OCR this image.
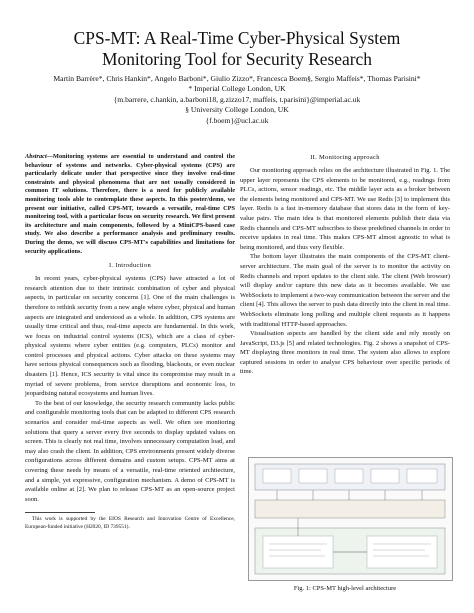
CPS-MT: A Real-Time Cyber-Physical System
Monitoring Tool for Security Research
Martín Barrère*, Chris Hankin*, Angelo Barboni*, Giulio Zizzo*, Francesca Boem§, Sergio Maffeis*, Thomas Parisini*
* Imperial College London, UK
{m.barrere, c.hankin, a.barboni18, g.zizzo17, maffeis, t.parisini}@imperial.ac.uk
§ University College London, UK
{f.boem}@ucl.ac.uk
Abstract—Monitoring systems are essential to understand and control the behaviour of systems and networks. Cyber-physical systems (CPS) are particularly delicate under that perspective since they involve real-time constraints and physical phenomena that are not usually considered in common IT solutions. Therefore, there is a need for publicly available monitoring tools able to contemplate these aspects. In this poster/demo, we present our initiative, called CPS-MT, towards a versatile, real-time CPS monitoring tool, with a particular focus on security research. We first present its architecture and main components, followed by a MiniCPS-based case study. We also describe a performance analysis and preliminary results. During the demo, we will discuss CPS-MT's capabilities and limitations for security applications.
I. Introduction

In recent years, cyber-physical systems (CPS) have attracted a lot of research attention due to their intrinsic combination of cyber and physical aspects, in particular on security concerns [1]. One of the main challenges is therefore to rethink security from a new angle where cyber, physical and human aspects are integrated and understood as a whole. In addition, CPS systems are usually time critical and thus, real-time aspects are fundamental. In this work, we focus on industrial control systems (ICS), which are a class of cyber-physical systems where cyber entities (e.g. computers, PLCs) monitor and control processes and physical actions. Cyber attacks on these systems may have serious physical consequences such as flooding, blackouts, or even nuclear disasters [1]. Hence, ICS security is vital since its compromise may result in a myriad of severe problems, from service disruptions and economic loss, to jeopardising natural ecosystems and human lives.

To the best of our knowledge, the security research community lacks public and configurable monitoring tools that can be adapted to different CPS research scenarios and consider real-time aspects as well. We often see monitoring solutions that query a server every five seconds to display updated values on screen. This is clearly not real time, involves unnecessary computation load, and may also crash the client. In addition, CPS environments present widely diverse configurations across different domains and custom setups. CPS-MT aims at covering these needs by means of a versatile, real-time oriented architecture, and a simple, yet expressive, configuration mechanism. A demo of CPS-MT is available online at [2]. We plan to release CPS-MT as an open-source project soon.

This work is supported by the EIOS Research and Innovation Centre of Excellence, European-funded initiative (H2020, ID 739551).
II. Monitoring approach

Our monitoring approach relies on the architecture illustrated in Fig. 1. The upper layer represents the CPS elements to be monitored, e.g., readings from PLCs, actions, sensor readings, etc. The middle layer acts as a broker between the elements being monitored and CPS-MT. We use Redis [3] to implement this layer. Redis is a fast in-memory database that stores data in the form of key-value pairs. The main idea is that monitored elements publish their data via Redis channels and CPS-MT subscribes to these predefined channels in order to receive updates in real time. This makes CPS-MT almost agnostic to what is being monitored, and thus very flexible.

The bottom layer illustrates the main components of the CPS-MT client-server architecture. The main goal of the server is to monitor the activity on Redis channels and report updates to the client side. The client (Web browser) will display and/or capture this new data as it becomes available. We use WebSockets to implement a two-way communication between the server and the client [4]. This allows the server to push data directly into the client in real time. WebSockets eliminate long polling and multiple client requests as it happens with traditional HTTP-based approaches.

Visualisation aspects are handled by the client side and rely mostly on JavaScript, D3.js [5] and related technologies. Fig. 2 shows a snapshot of CPS-MT displaying three monitors in real time. The system also allows to explore captured sessions in order to analyse CPS behaviour over specific periods of time.

Fig. 1: CPS-MT high-level architecture
